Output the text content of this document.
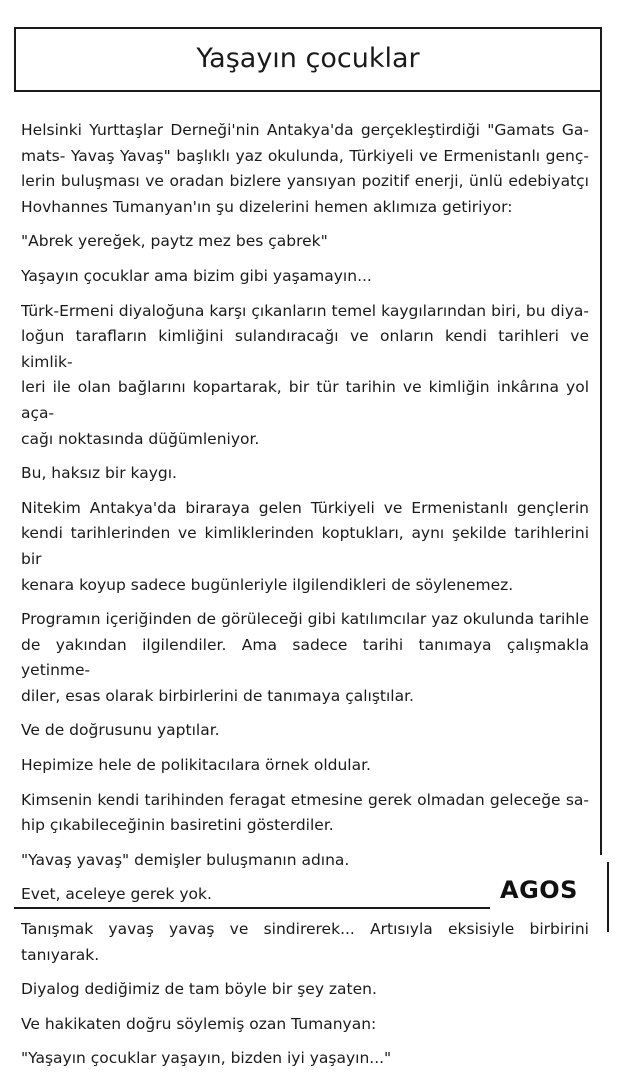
Yaşayın çocuklar

Helsinki Yurttaşlar Derneği'nin Antakya'da gerçekleştirdiği "Gamats Ga-
mats- Yavaş Yavaş" başlıklı yaz okulunda, Türkiyeli ve Ermenistanlı genç-
lerin buluşması ve oradan bizlere yansıyan pozitif enerji, ünlü edebiyatçı
Hovhannes Tumanyan'ın şu dizelerini hemen aklımıza getiriyor:

"Abrek yereğek, paytz mez bes çabrek"

Yaşayın çocuklar ama bizim gibi yaşamayın...

Türk-Ermeni diyaloğuna karşı çıkanların temel kaygılarından biri, bu diya-
loğun tarafların kimliğini sulandıracağı ve onların kendi tarihleri ve kimlik-
leri ile olan bağlarını kopartarak, bir tür tarihin ve kimliğin inkârına yol aça-
cağı noktasında düğümleniyor.

Bu, haksız bir kaygı.

Nitekim Antakya'da biraraya gelen Türkiyeli ve Ermenistanlı gençlerin
kendi tarihlerinden ve kimliklerinden koptukları, aynı şekilde tarihlerini bir
kenara koyup sadece bugünleriyle ilgilendikleri de söylenemez.

Programın içeriğinden de görüleceği gibi katılımcılar yaz okulunda tarihle
de yakından ilgilendiler. Ama sadece tarihi tanımaya çalışmakla yetinme-
diler, esas olarak birbirlerini de tanımaya çalıştılar.

Ve de doğrusunu yaptılar.

Hepimize hele de polikitacılara örnek oldular.

Kimsenin kendi tarihinden feragat etmesine gerek olmadan geleceğe sa-
hip çıkabileceğinin basiretini gösterdiler.

"Yavaş yavaş" demişler buluşmanın adına.

Evet, aceleye gerek yok.

Tanışmak yavaş yavaş ve sindirerek... Artısıyla eksisiyle birbirini tanıyarak.

Diyalog dediğimiz de tam böyle bir şey zaten.

Ve hakikaten doğru söylemiş ozan Tumanyan:

"Yaşayın çocuklar yaşayın, bizden iyi yaşayın..."

AGOS
